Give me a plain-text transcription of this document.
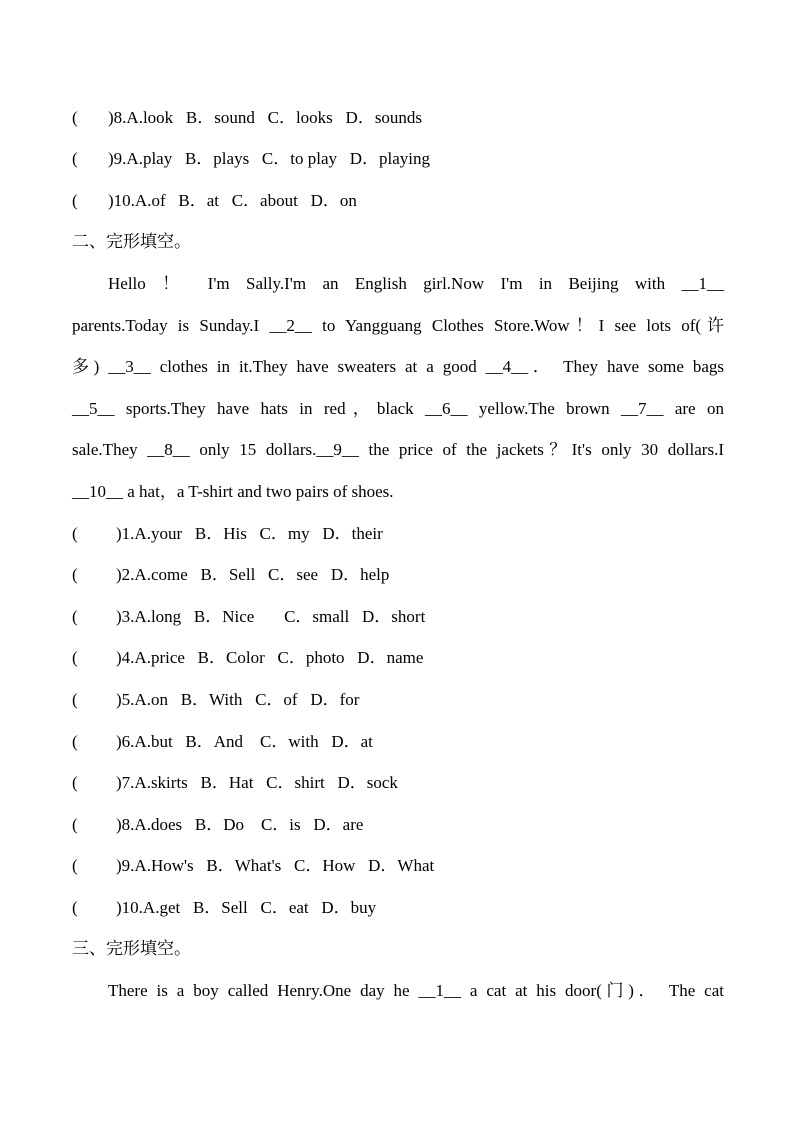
( )8.A.look   B．sound   C．looks   D．sounds
( )9.A.play   B．plays   C．to play   D．playing
( )10.A.of   B．at   C．about   D．on
二、完形填空。
Hello ！ I'm Sally.I'm an English girl.Now I'm in Beijing with __1__
parents.Today is Sunday.I __2__ to Yangguang Clothes Store.Wow！I see lots of(许
多) __3__ clothes in it.They have sweaters at a good __4__． They have some bags
__5__ sports.They have hats in red，black __6__ yellow.The brown __7__ are on
sale.They __8__ only 15 dollars.__9__ the price of the jackets？It's only 30 dollars.I
__10__ a hat，a T-shirt and two pairs of shoes.
( )1.A.your   B．His   C．my   D．their
( )2.A.come   B．Sell   C．see   D．help
( )3.A.long   B．Nice       C．small   D．short
( )4.A.price   B．Color   C．photo   D．name
( )5.A.on   B．With   C．of   D．for
( )6.A.but   B．And    C．with   D．at
( )7.A.skirts   B．Hat   C．shirt   D．sock
( )8.A.does   B．Do    C．is   D．are
( )9.A.How's   B．What's   C．How   D．What
( )10.A.get   B．Sell   C．eat   D．buy
三、完形填空。
There is a boy called Henry.One day he __1__ a cat at his door(门)． The cat
